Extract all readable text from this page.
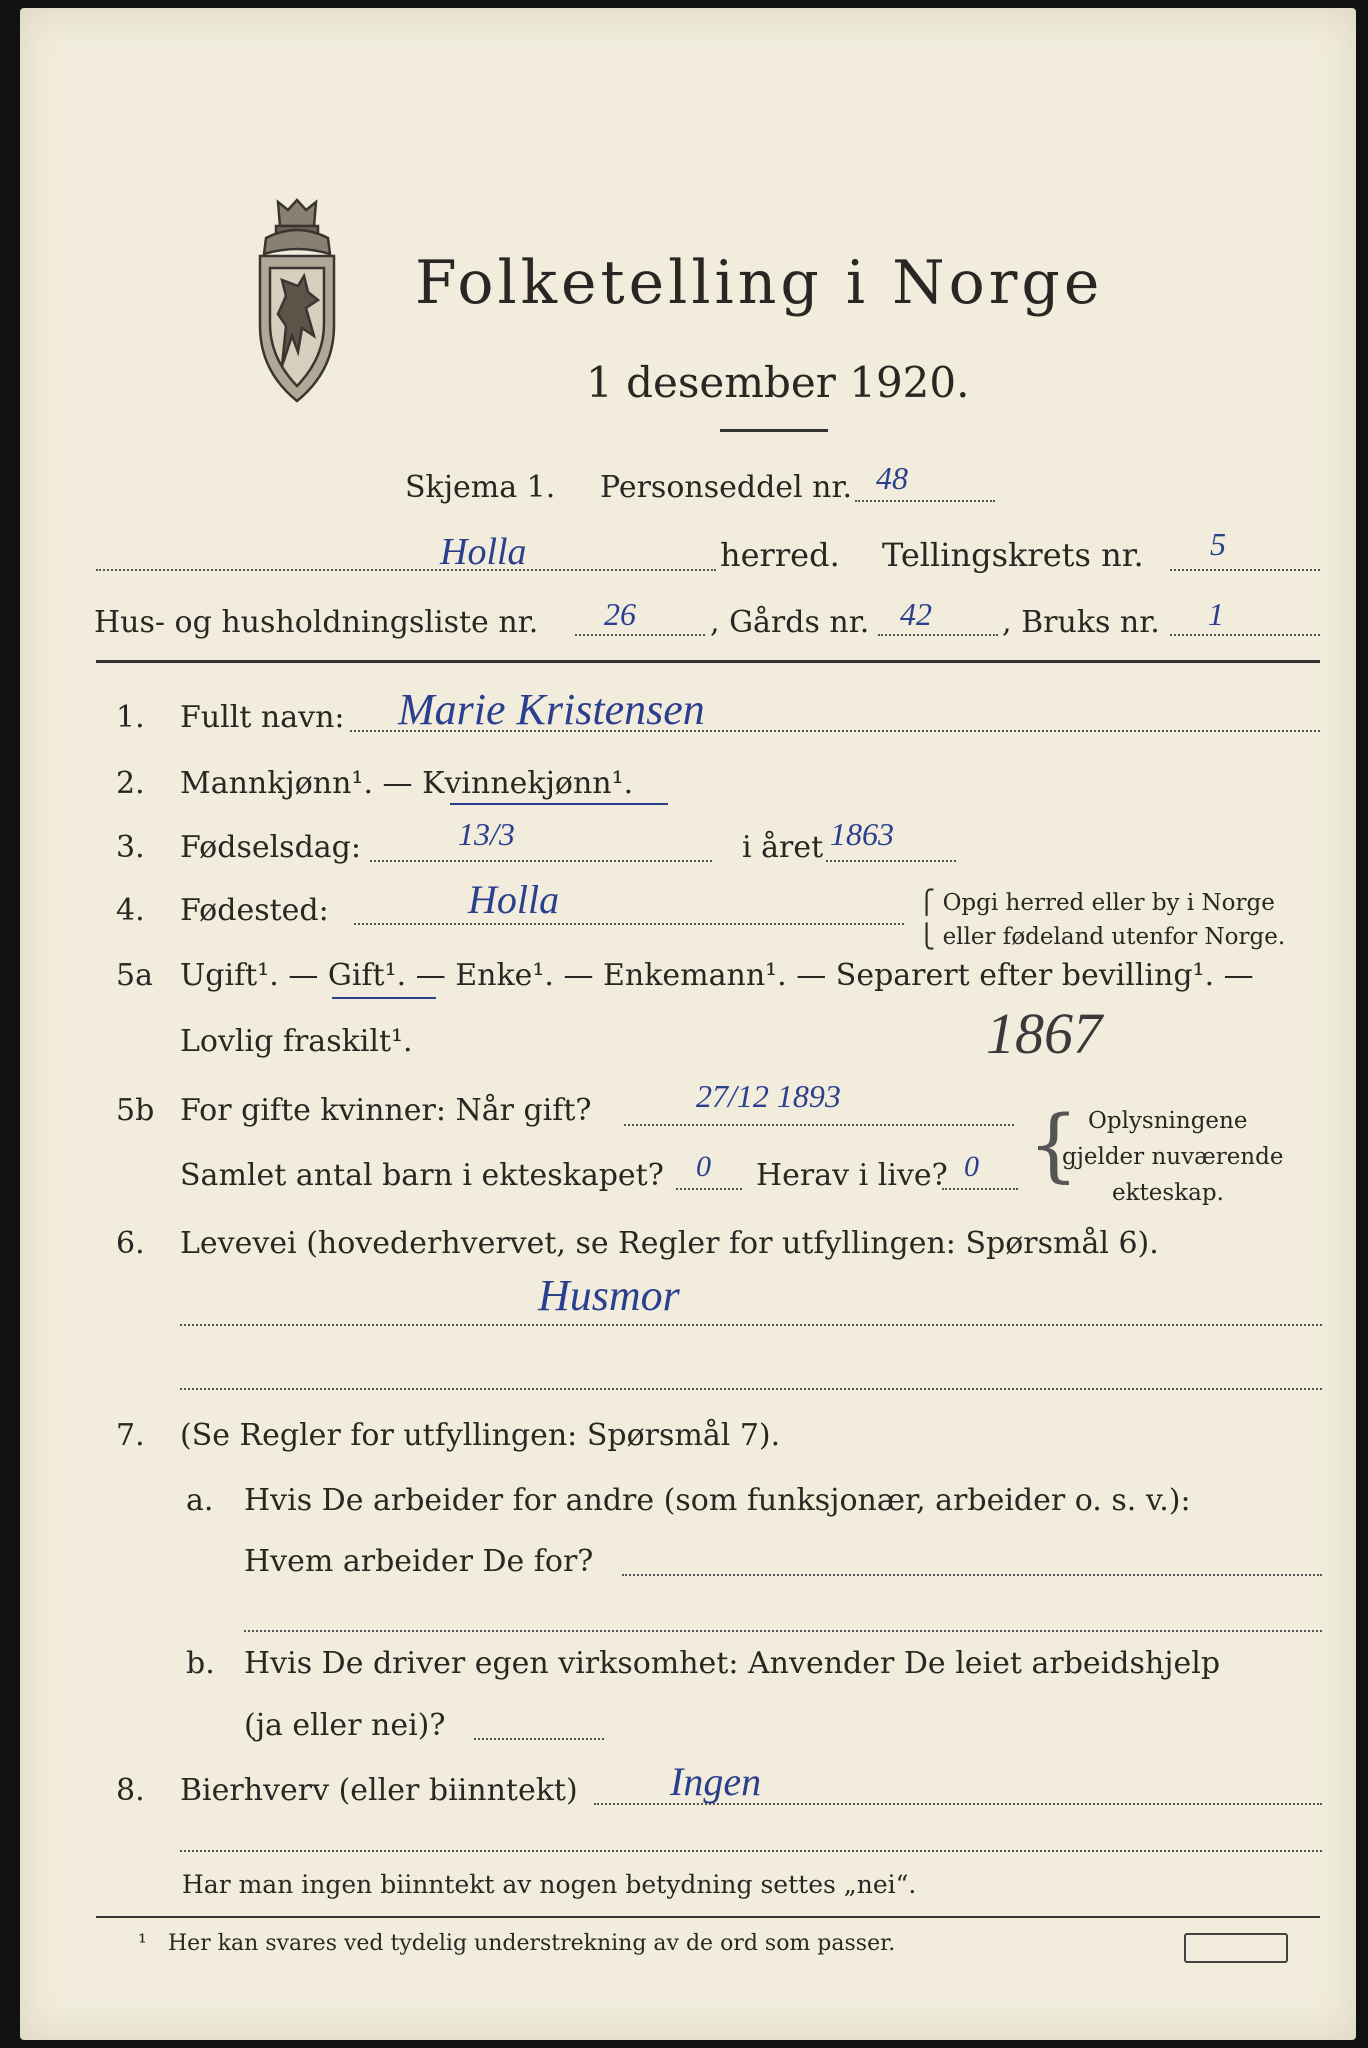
Folketelling i Norge
1 desember 1920.
Skjema 1. Personseddel nr. 48
Holla	herred. Tellingskrets nr. 5
Hus- og husholdningsliste nr. 26 , Gårds nr. 42 , Bruks nr. 1
1. Fullt navn: Marie Kristensen
2. Mannkjønn¹. — Kvinnekjønn¹.
3. Fødselsdag:	13/3	i året 1863
4. Fødested:	Holla	⎧ Opgi herred eller by i Norge
⎩ eller fødeland utenfor Norge.
5a Ugift¹. — Gift¹. — Enke¹. — Enkemann¹. — Separert efter bevilling¹. —
Lovlig fraskilt¹.	1867
5b For gifte kvinner: Når gift?	27/12 1893
Samlet antal barn i ekteskapet? 0 Herav i live? 0 { Oplysningene
gjelder nuværende
ekteskap.
6. Levevei (hovederhvervet, se Regler for utfyllingen: Spørsmål 6).
Husmor
7. (Se Regler for utfyllingen: Spørsmål 7).
a. Hvis De arbeider for andre (som funksjonær, arbeider o. s. v.):
Hvem arbeider De for?
b. Hvis De driver egen virksomhet: Anvender De leiet arbeidshjelp
(ja eller nei)?
8. Bierhverv (eller biinntekt) Ingen
Har man ingen biinntekt av nogen betydning settes „nei“.
¹ Her kan svares ved tydelig understrekning av de ord som passer.
